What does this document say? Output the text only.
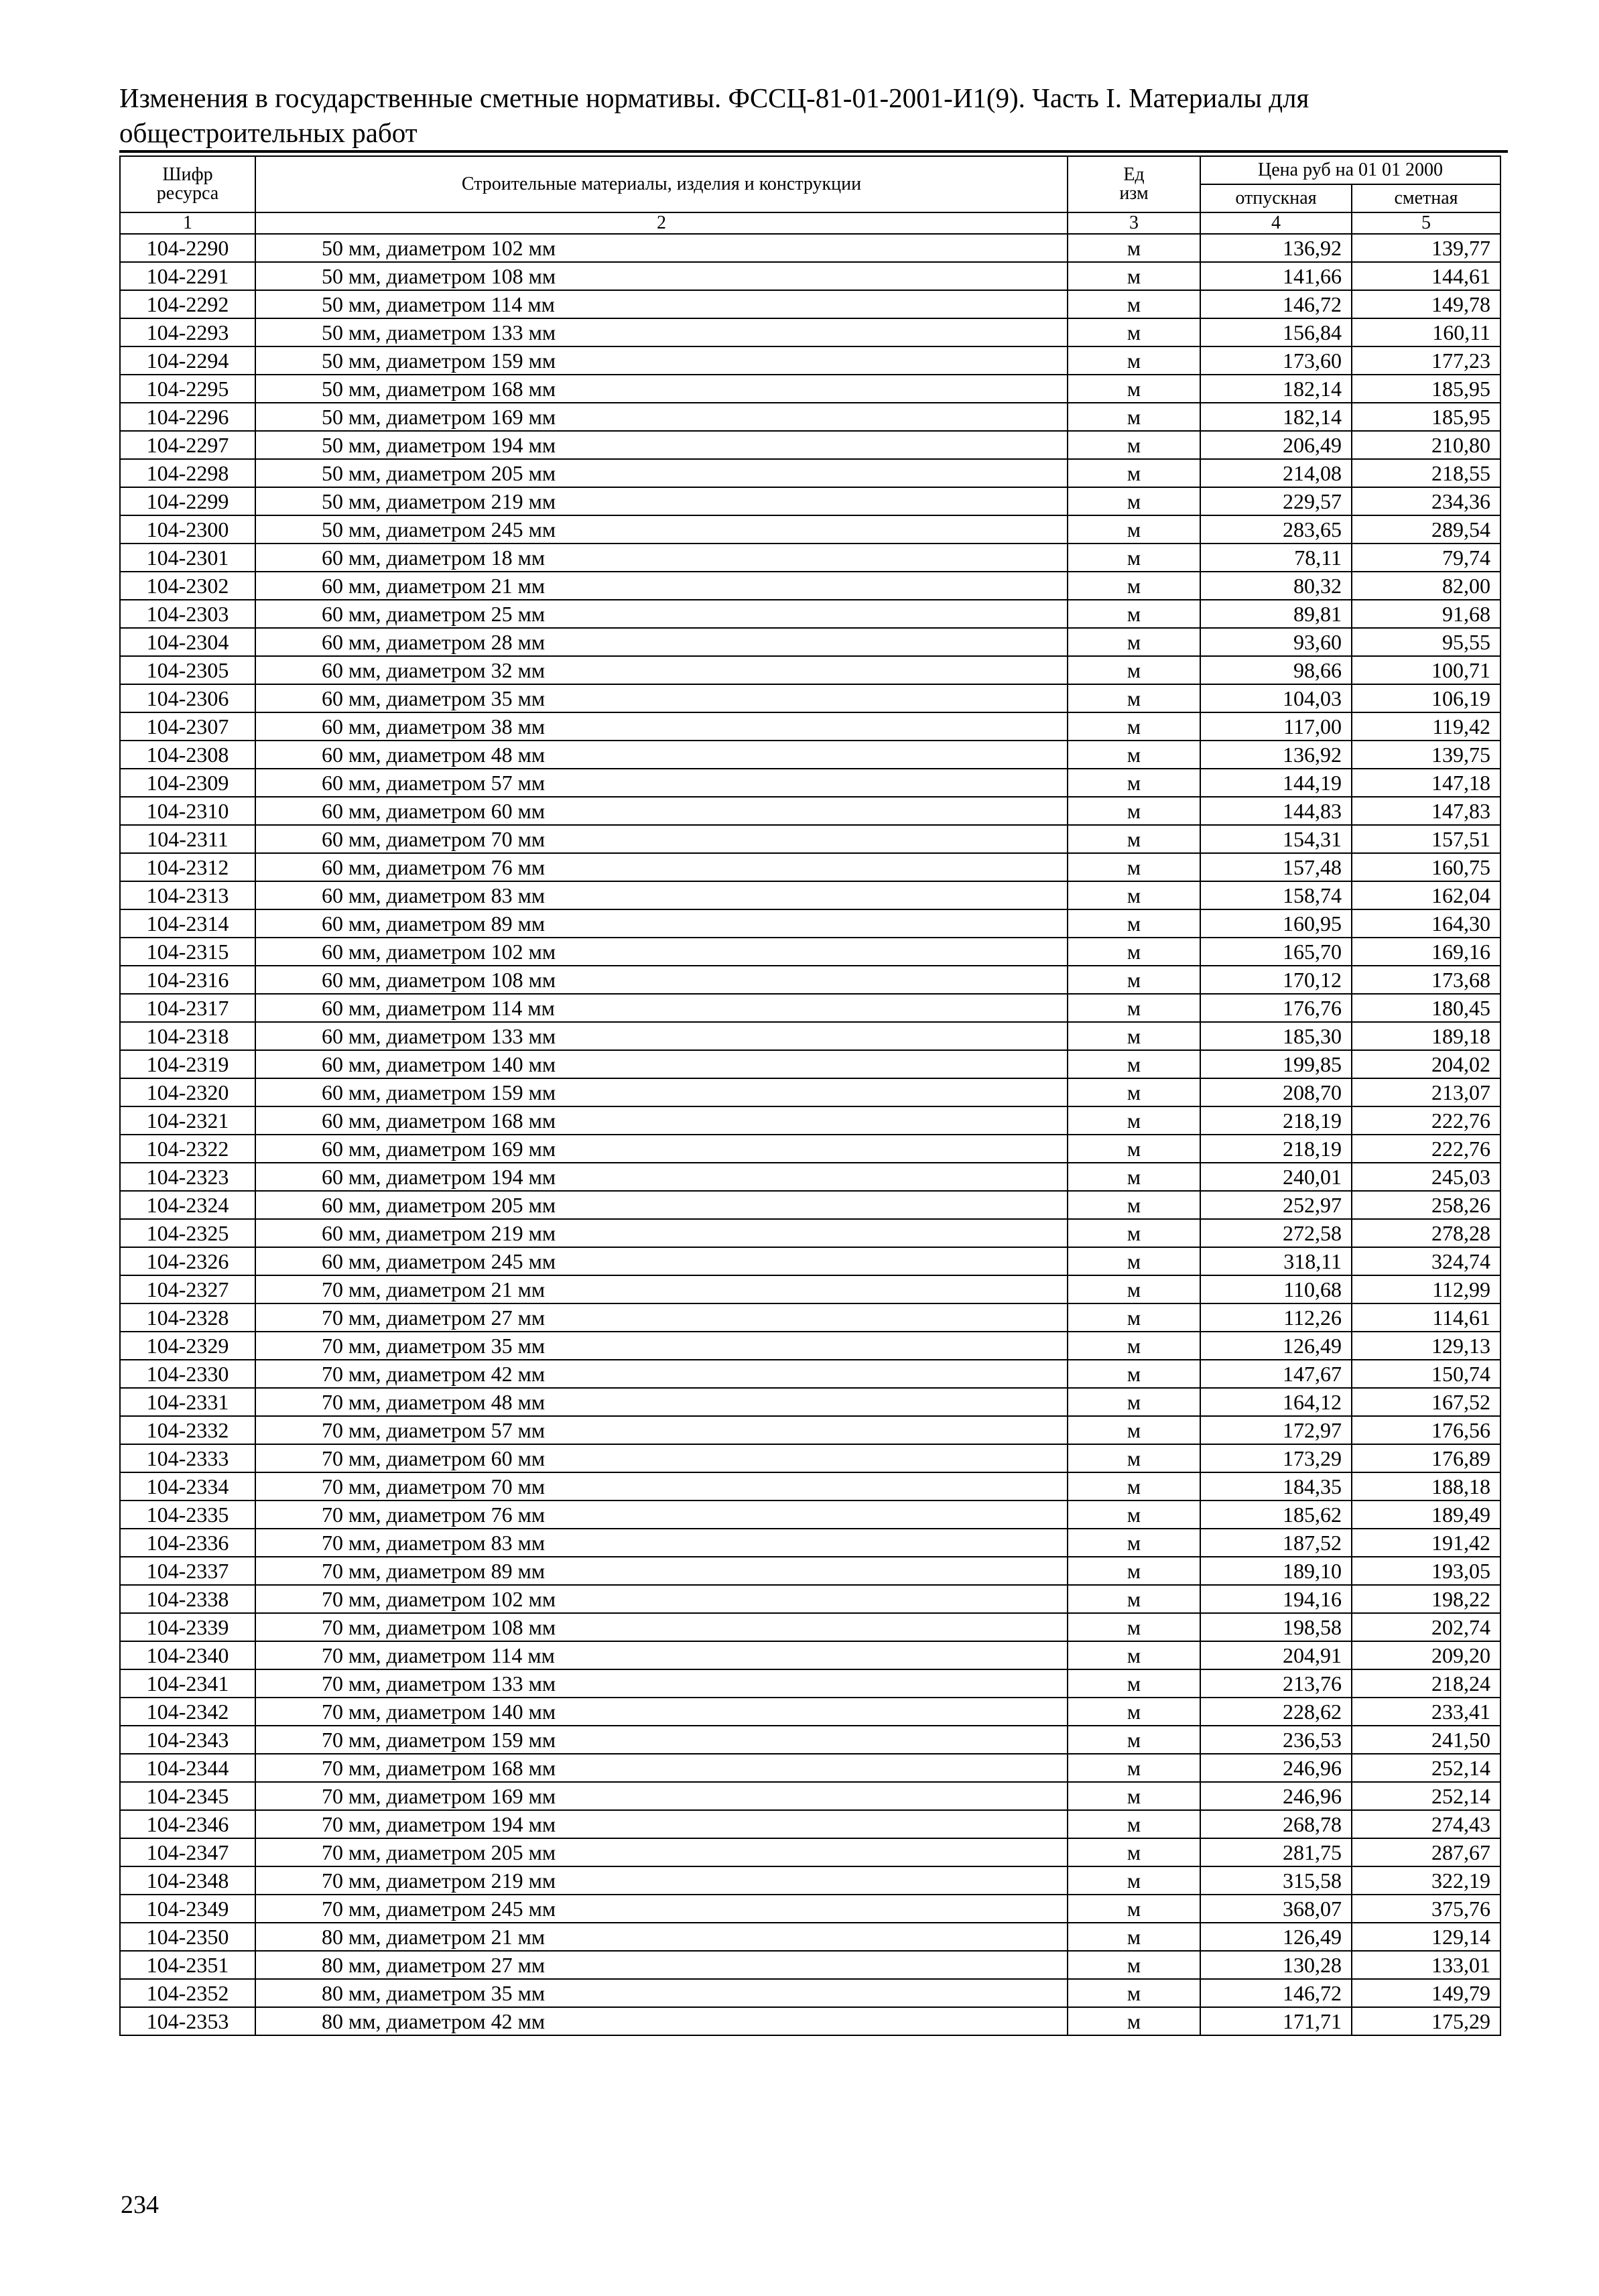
Изменения в государственные сметные нормативы. ФССЦ-81-01-2001-И1(9). Часть I. Материалы для
общестроительных работ
Шифр ресурса	Строительные материалы, изделия и конструкции	Ед изм	Цена руб на 01 01 2000	
			отпускная	сметная
1	2	3	4	5
104-2290	50 мм, диаметром 102 мм	м	136,92	139,77
104-2291	50 мм, диаметром 108 мм	м	141,66	144,61
104-2292	50 мм, диаметром 114 мм	м	146,72	149,78
104-2293	50 мм, диаметром 133 мм	м	156,84	160,11
104-2294	50 мм, диаметром 159 мм	м	173,60	177,23
104-2295	50 мм, диаметром 168 мм	м	182,14	185,95
104-2296	50 мм, диаметром 169 мм	м	182,14	185,95
104-2297	50 мм, диаметром 194 мм	м	206,49	210,80
104-2298	50 мм, диаметром 205 мм	м	214,08	218,55
104-2299	50 мм, диаметром 219 мм	м	229,57	234,36
104-2300	50 мм, диаметром 245 мм	м	283,65	289,54
104-2301	60 мм, диаметром 18 мм	м	78,11	79,74
104-2302	60 мм, диаметром 21 мм	м	80,32	82,00
104-2303	60 мм, диаметром 25 мм	м	89,81	91,68
104-2304	60 мм, диаметром 28 мм	м	93,60	95,55
104-2305	60 мм, диаметром 32 мм	м	98,66	100,71
104-2306	60 мм, диаметром 35 мм	м	104,03	106,19
104-2307	60 мм, диаметром 38 мм	м	117,00	119,42
104-2308	60 мм, диаметром 48 мм	м	136,92	139,75
104-2309	60 мм, диаметром 57 мм	м	144,19	147,18
104-2310	60 мм, диаметром 60 мм	м	144,83	147,83
104-2311	60 мм, диаметром 70 мм	м	154,31	157,51
104-2312	60 мм, диаметром 76 мм	м	157,48	160,75
104-2313	60 мм, диаметром 83 мм	м	158,74	162,04
104-2314	60 мм, диаметром 89 мм	м	160,95	164,30
104-2315	60 мм, диаметром 102 мм	м	165,70	169,16
104-2316	60 мм, диаметром 108 мм	м	170,12	173,68
104-2317	60 мм, диаметром 114 мм	м	176,76	180,45
104-2318	60 мм, диаметром 133 мм	м	185,30	189,18
104-2319	60 мм, диаметром 140 мм	м	199,85	204,02
104-2320	60 мм, диаметром 159 мм	м	208,70	213,07
104-2321	60 мм, диаметром 168 мм	м	218,19	222,76
104-2322	60 мм, диаметром 169 мм	м	218,19	222,76
104-2323	60 мм, диаметром 194 мм	м	240,01	245,03
104-2324	60 мм, диаметром 205 мм	м	252,97	258,26
104-2325	60 мм, диаметром 219 мм	м	272,58	278,28
104-2326	60 мм, диаметром 245 мм	м	318,11	324,74
104-2327	70 мм, диаметром 21 мм	м	110,68	112,99
104-2328	70 мм, диаметром 27 мм	м	112,26	114,61
104-2329	70 мм, диаметром 35 мм	м	126,49	129,13
104-2330	70 мм, диаметром 42 мм	м	147,67	150,74
104-2331	70 мм, диаметром 48 мм	м	164,12	167,52
104-2332	70 мм, диаметром 57 мм	м	172,97	176,56
104-2333	70 мм, диаметром 60 мм	м	173,29	176,89
104-2334	70 мм, диаметром 70 мм	м	184,35	188,18
104-2335	70 мм, диаметром 76 мм	м	185,62	189,49
104-2336	70 мм, диаметром 83 мм	м	187,52	191,42
104-2337	70 мм, диаметром 89 мм	м	189,10	193,05
104-2338	70 мм, диаметром 102 мм	м	194,16	198,22
104-2339	70 мм, диаметром 108 мм	м	198,58	202,74
104-2340	70 мм, диаметром 114 мм	м	204,91	209,20
104-2341	70 мм, диаметром 133 мм	м	213,76	218,24
104-2342	70 мм, диаметром 140 мм	м	228,62	233,41
104-2343	70 мм, диаметром 159 мм	м	236,53	241,50
104-2344	70 мм, диаметром 168 мм	м	246,96	252,14
104-2345	70 мм, диаметром 169 мм	м	246,96	252,14
104-2346	70 мм, диаметром 194 мм	м	268,78	274,43
104-2347	70 мм, диаметром 205 мм	м	281,75	287,67
104-2348	70 мм, диаметром 219 мм	м	315,58	322,19
104-2349	70 мм, диаметром 245 мм	м	368,07	375,76
104-2350	80 мм, диаметром 21 мм	м	126,49	129,14
104-2351	80 мм, диаметром 27 мм	м	130,28	133,01
104-2352	80 мм, диаметром 35 мм	м	146,72	149,79
104-2353	80 мм, диаметром 42 мм	м	171,71	175,29
234
